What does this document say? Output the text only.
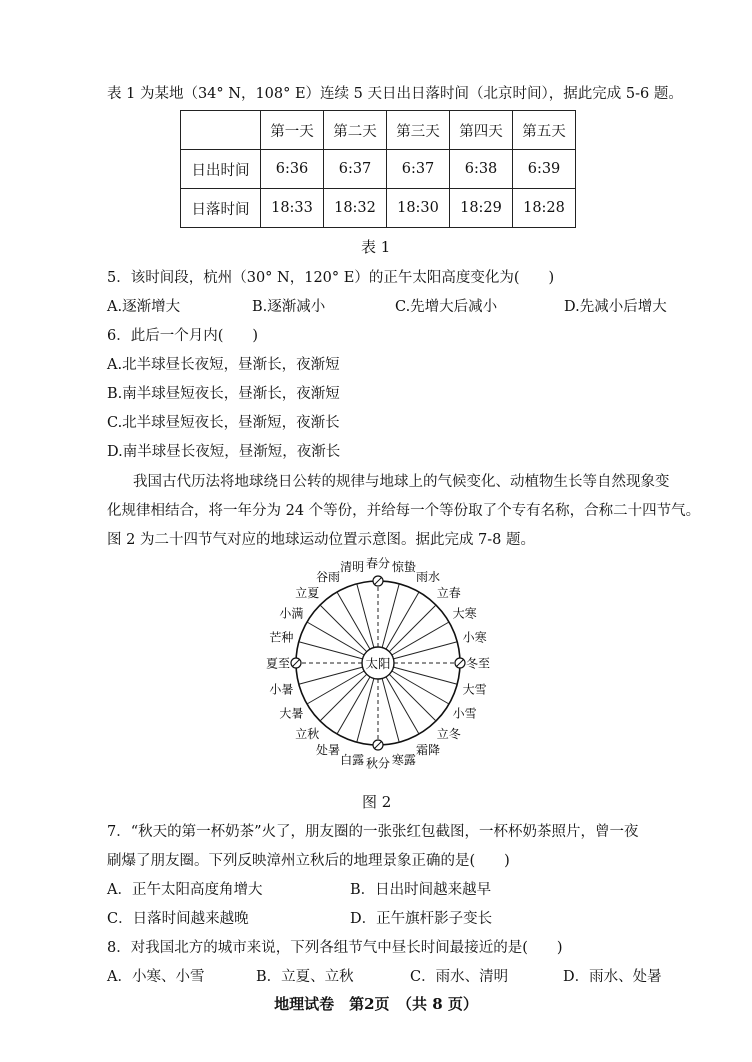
表 1 为某地（34° N，108° E）连续 5 天日出日落时间（北京时间），据此完成 5-6 题。
	第一天	第二天	第三天	第四天	第五天
日出时间	6:36	6:37	6:37	6:38	6:39
日落时间	18:33	18:32	18:30	18:29	18:28
表 1
5．该时间段，杭州（30° N，120° E）的正午太阳高度变化为(　　)
A.逐渐增大	B.逐渐减小	C.先增大后减小	D.先减小后增大
6．此后一个月内(　　)
A.北半球昼长夜短，昼渐长，夜渐短
B.南半球昼短夜长，昼渐长，夜渐短
C.北半球昼短夜长，昼渐短，夜渐长
D.南半球昼长夜短，昼渐短，夜渐长
我国古代历法将地球绕日公转的规律与地球上的气候变化、动植物生长等自然现象变
化规律相结合，将一年分为 24 个等份，并给每一个等份取了个专有名称，合称二十四节气。
图 2 为二十四节气对应的地球运动位置示意图。据此完成 7-8 题。
太阳	冬至
小寒
大寒
立春
雨水
惊蛰
春分
清明
谷雨
立夏
小满
芒种
夏至
小暑
大暑
立秋
处暑
白露 秋分 寒露
霜降
立冬
小雪
大雪
图 2
7．“秋天的第一杯奶茶”火了，朋友圈的一张张红包截图，一杯杯奶茶照片，曾一夜
刷爆了朋友圈。下列反映漳州立秋后的地理景象正确的是(　　)
A．正午太阳高度角增大	B．日出时间越来越早
C．日落时间越来越晚	D．正午旗杆影子变长
8．对我国北方的城市来说，下列各组节气中昼长时间最接近的是(　　)
A．小寒、小雪	B．立夏、立秋	C．雨水、清明	D．雨水、处暑
地理试卷　第2页　（共 8 页）
